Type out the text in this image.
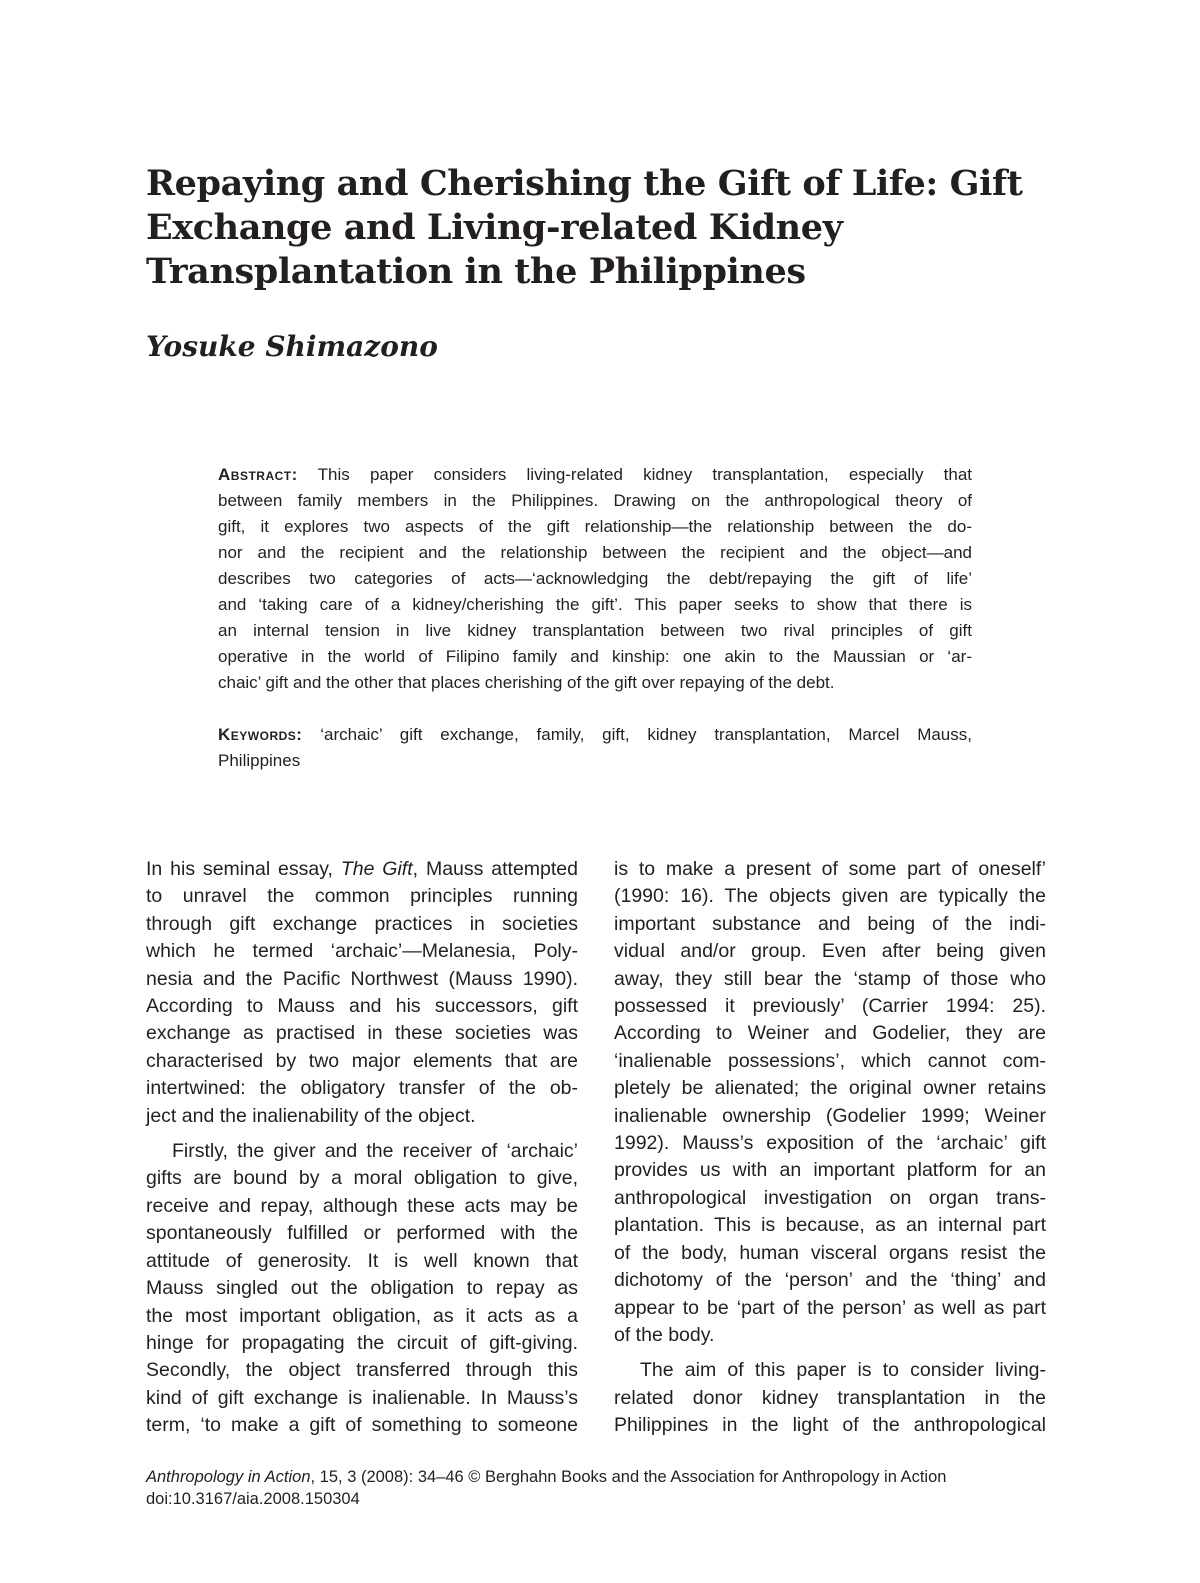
Repaying and Cherishing the Gift of Life: Gift
Exchange and Living-related Kidney
Transplantation in the Philippines

Yosuke Shimazono

Abstract: This paper considers living-related kidney transplantation, especially that
between family members in the Philippines. Drawing on the anthropological theory of
gift, it explores two aspects of the gift relationship—the relationship between the do-
nor and the recipient and the relationship between the recipient and the object—and
describes two categories of acts—‘acknowledging the debt/repaying the gift of life’
and ‘taking care of a kidney/cherishing the gift’. This paper seeks to show that there is
an internal tension in live kidney transplantation between two rival principles of gift
operative in the world of Filipino family and kinship: one akin to the Maussian or ‘ar-
chaic’ gift and the other that places cherishing of the gift over repaying of the debt.
Keywords: ‘archaic’ gift exchange, family, gift, kidney transplantation, Marcel Mauss,
Philippines
In his seminal essay, The Gift, Mauss attempted
to unravel the common principles running
through gift exchange practices in societies
which he termed ‘archaic’—Melanesia, Poly-
nesia and the Pacific Northwest (Mauss 1990).
According to Mauss and his successors, gift
exchange as practised in these societies was
characterised by two major elements that are
intertwined: the obligatory transfer of the ob-
ject and the inalienability of the object.
Firstly, the giver and the receiver of ‘archaic’
gifts are bound by a moral obligation to give,
receive and repay, although these acts may be
spontaneously fulfilled or performed with the
attitude of generosity. It is well known that
Mauss singled out the obligation to repay as
the most important obligation, as it acts as a
hinge for propagating the circuit of gift-giving.
Secondly, the object transferred through this
kind of gift exchange is inalienable. In Mauss’s
term, ‘to make a gift of something to someone
is to make a present of some part of oneself’
(1990: 16). The objects given are typically the
important substance and being of the indi-
vidual and/or group. Even after being given
away, they still bear the ‘stamp of those who
possessed it previously’ (Carrier 1994: 25).
According to Weiner and Godelier, they are
‘inalienable possessions’, which cannot com-
pletely be alienated; the original owner retains
inalienable ownership (Godelier 1999; Weiner
1992). Mauss’s exposition of the ‘archaic’ gift
provides us with an important platform for an
anthropological investigation on organ trans-
plantation. This is because, as an internal part
of the body, human visceral organs resist the
dichotomy of the ‘person’ and the ‘thing’ and
appear to be ‘part of the person’ as well as part
of the body.
The aim of this paper is to consider living-
related donor kidney transplantation in the
Philippines in the light of the anthropological
Anthropology in Action, 15, 3 (2008): 34–46 © Berghahn Books and the Association for Anthropology in Action
doi:10.3167/aia.2008.150304
